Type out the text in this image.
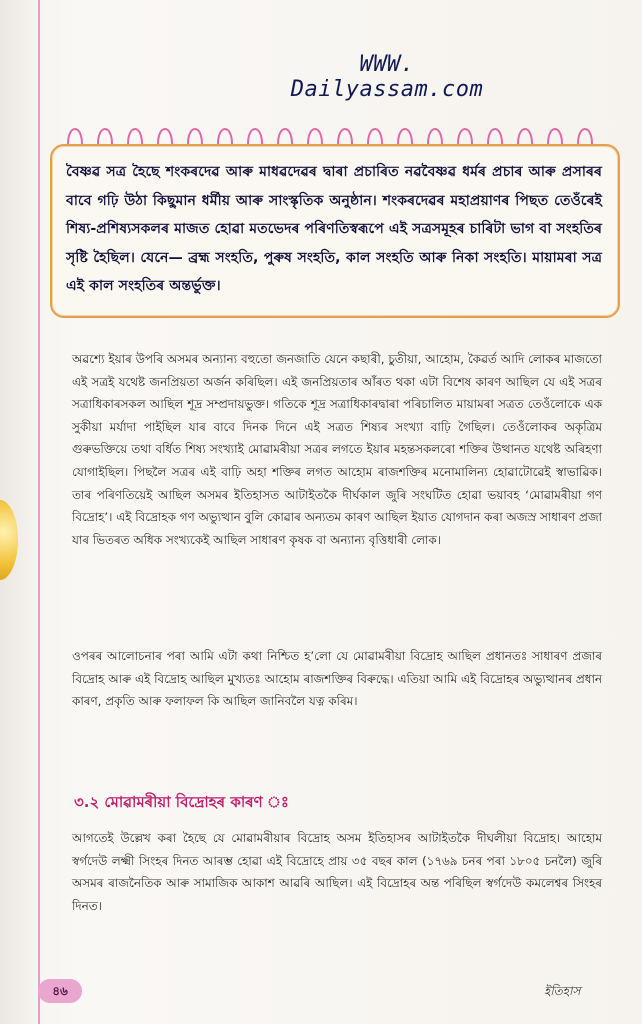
WWW. Dailyassam.com
বৈষ্ণৱ সত্ৰ হৈছে শংকৰদেৱ আৰু মাধৱদেৱৰ দ্বাৰা প্ৰচাৰিত নৱবৈষ্ণৱ ধৰ্মৰ প্ৰচাৰ আৰু প্ৰসাৰৰ বাবে গঢ়ি উঠা কিছুমান ধৰ্মীয় আৰু সাংস্কৃতিক অনুষ্ঠান। শংকৰদেৱৰ মহাপ্ৰয়াণৰ পিছত তেওঁৰেই শিষ্য-প্ৰশিষ্যসকলৰ মাজত হোৱা মতভেদৰ পৰিণতিস্বৰূপে এই সত্ৰসমূহৰ চাৰিটা ভাগ বা সংহতিৰ সৃষ্টি হৈছিল। যেনে— ব্ৰহ্ম সংহতি, পুৰুষ সংহতি, কাল সংহতি আৰু নিকা সংহতি। মায়ামৰা সত্ৰ এই কাল সংহতিৰ অন্তৰ্ভুক্ত।
অৱশ্যে ইয়াৰ উপৰি অসমৰ অন্যান্য বহুতো জনজাতি যেনে কছাৰী, চুতীয়া, আহোম, কৈৱৰ্ত আদি লোকৰ মাজতো এই সত্ৰই যথেষ্ট জনপ্ৰিয়তা অৰ্জন কৰিছিল। এই জনপ্ৰিয়তাৰ আঁৰত থকা এটা বিশেষ কাৰণ আছিল যে এই সত্ৰৰ সত্ৰাধিকাৰসকল আছিল শূদ্ৰ সম্প্ৰদায়ভুক্ত। গতিকে শূদ্ৰ সত্ৰাধিকাৰদ্বাৰা পৰিচালিত মায়ামৰা সত্ৰত তেওঁলোকে এক সুকীয়া মৰ্যাদা পাইছিল যাৰ বাবে দিনক দিনে এই সত্ৰত শিষ্যৰ সংখ্যা বাঢ়ি গৈছিল। তেওঁলোকৰ অকৃত্ৰিম গুৰুভক্তিয়ে তথা বৰ্ধিত শিষ্য সংখ্যাই মোৱামৰীয়া সত্ৰৰ লগতে ইয়াৰ মহন্তসকলৰো শক্তিৰ উত্থানত যথেষ্ট অৰিহণা যোগাইছিল। পিছলৈ সত্ৰৰ এই বাঢ়ি অহা শক্তিৰ লগত আহোম ৰাজশক্তিৰ মনোমালিন্য হোৱাটোৱেই স্বাভাৱিক। তাৰ পৰিণতিয়েই আছিল অসমৰ ইতিহাসত আটাইতকৈ দীৰ্ঘকাল জুৰি সংঘটিত হোৱা ভয়াবহ ‘মোৱামৰীয়া গণ বিদ্ৰোহ’। এই বিদ্ৰোহক গণ অভ্যুত্থান বুলি কোৱাৰ অন্যতম কাৰণ আছিল ইয়াত যোগদান কৰা অজস্ৰ সাধাৰণ প্ৰজা যাৰ ভিতৰত অধিক সংখ্যকেই আছিল সাধাৰণ কৃষক বা অন্যান্য বৃত্তিধাৰী লোক।
ওপৰৰ আলোচনাৰ পৰা আমি এটা কথা নিশ্চিত হ’লো যে মোৱামৰীয়া বিদ্ৰোহ আছিল প্ৰধানতঃ সাধাৰণ প্ৰজাৰ বিদ্ৰোহ আৰু এই বিদ্ৰোহ আছিল মুখ্যতঃ আহোম ৰাজশক্তিৰ বিৰুদ্ধে। এতিয়া আমি এই বিদ্ৰোহৰ অভ্যুত্থানৰ প্ৰধান কাৰণ, প্ৰকৃতি আৰু ফলাফল কি আছিল জানিবলৈ যত্ন কৰিম।
৩.২ মোৱামৰীয়া বিদ্ৰোহৰ কাৰণ ঃ
আগতেই উল্লেখ কৰা হৈছে যে মোৱামৰীয়াৰ বিদ্ৰোহ অসম ইতিহাসৰ আটাইতকৈ দীঘলীয়া বিদ্ৰোহ। আহোম স্বৰ্গদেউ লক্ষ্মী সিংহৰ দিনত আৰম্ভ হোৱা এই বিদ্ৰোহে প্ৰায় ৩৫ বছৰ কাল (১৭৬৯ চনৰ পৰা ১৮০৫ চনলৈ) জুৰি অসমৰ ৰাজনৈতিক আৰু সামাজিক আকাশ আৱৰি আছিল। এই বিদ্ৰোহৰ অন্ত পৰিছিল স্বৰ্গদেউ কমলেশ্বৰ সিংহৰ দিনত।
৪৬	ইতিহাস
